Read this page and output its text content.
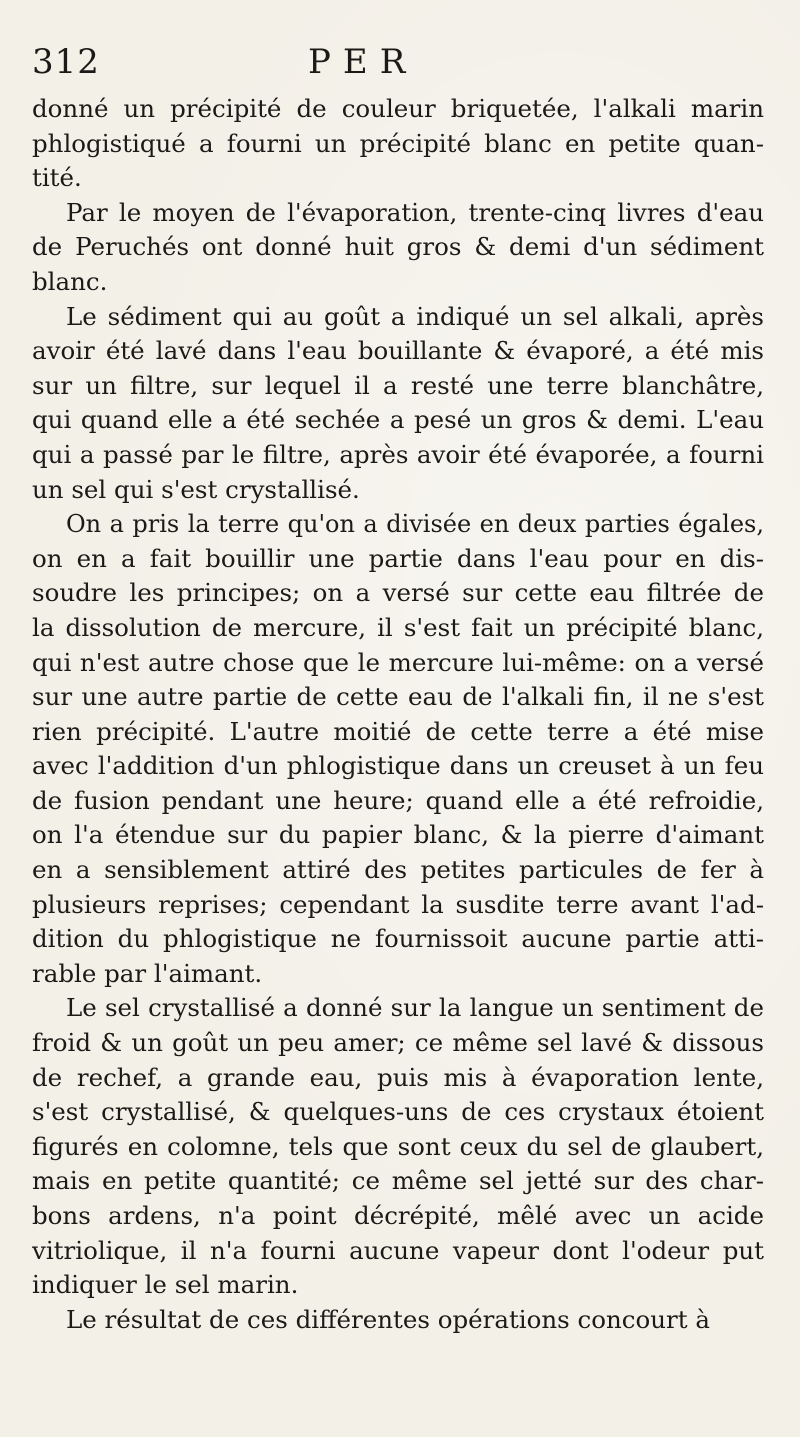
312	PER
donné un précipité de couleur briquetée, l'alkali marin
phlogistiqué a fourni un précipité blanc en petite quan-
tité.
Par le moyen de l'évaporation, trente-cinq livres d'eau
de Peruchés ont donné huit gros & demi d'un sédiment
blanc.
Le sédiment qui au goût a indiqué un sel alkali, après
avoir été lavé dans l'eau bouillante & évaporé, a été mis
sur un filtre, sur lequel il a resté une terre blanchâtre,
qui quand elle a été sechée a pesé un gros & demi. L'eau
qui a passé par le filtre, après avoir été évaporée, a fourni
un sel qui s'est crystallisé.
On a pris la terre qu'on a divisée en deux parties égales,
on en a fait bouillir une partie dans l'eau pour en dis-
soudre les principes; on a versé sur cette eau filtrée de
la dissolution de mercure, il s'est fait un précipité blanc,
qui n'est autre chose que le mercure lui-même: on a versé
sur une autre partie de cette eau de l'alkali fin, il ne s'est
rien précipité. L'autre moitié de cette terre a été mise
avec l'addition d'un phlogistique dans un creuset à un feu
de fusion pendant une heure; quand elle a été refroidie,
on l'a étendue sur du papier blanc, & la pierre d'aimant
en a sensiblement attiré des petites particules de fer à
plusieurs reprises; cependant la susdite terre avant l'ad-
dition du phlogistique ne fournissoit aucune partie atti-
rable par l'aimant.
Le sel crystallisé a donné sur la langue un sentiment de
froid & un goût un peu amer; ce même sel lavé & dissous
de rechef, a grande eau, puis mis à évaporation lente,
s'est crystallisé, & quelques-uns de ces crystaux étoient
figurés en colomne, tels que sont ceux du sel de glaubert,
mais en petite quantité; ce même sel jetté sur des char-
bons ardens, n'a point décrépité, mêlé avec un acide
vitriolique, il n'a fourni aucune vapeur dont l'odeur put
indiquer le sel marin.
Le résultat de ces différentes opérations concourt à
